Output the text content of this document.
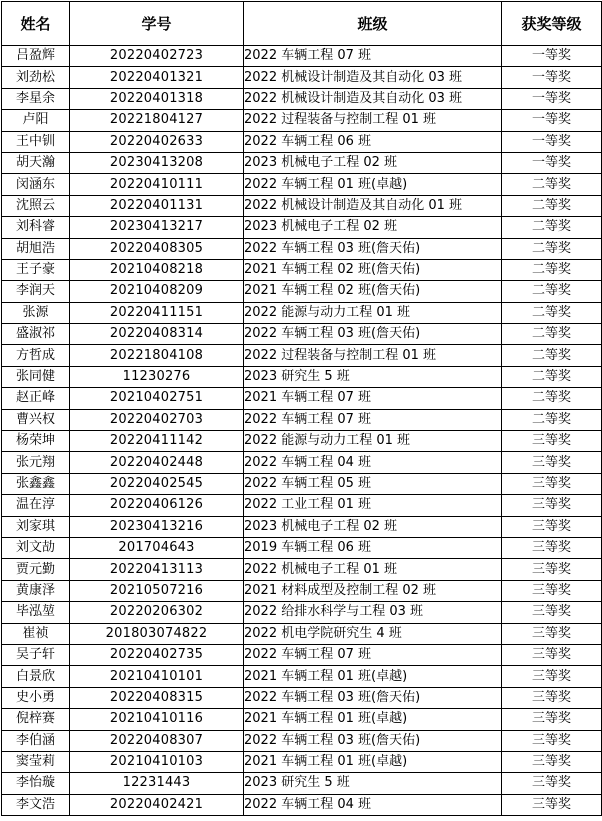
姓名	学号	班级	获奖等级
吕盈辉	20220402723	2022 车辆工程 07 班	一等奖
刘劲松	20220401321	2022 机械设计制造及其自动化 03 班	一等奖
李星余	20220401318	2022 机械设计制造及其自动化 03 班	一等奖
卢阳	20221804127	2022 过程装备与控制工程 01 班	一等奖
王中钏	20220402633	2022 车辆工程 06 班	一等奖
胡天瀚	20230413208	2023 机械电子工程 02 班	一等奖
闵涵东	20220410111	2022 车辆工程 01 班(卓越)	二等奖
沈照云	20220401131	2022 机械设计制造及其自动化 01 班	二等奖
刘科睿	20230413217	2023 机械电子工程 02 班	二等奖
胡旭浩	20220408305	2022 车辆工程 03 班(詹天佑)	二等奖
王子豪	20210408218	2021 车辆工程 02 班(詹天佑)	二等奖
李润天	20210408209	2021 车辆工程 02 班(詹天佑)	二等奖
张源	20220411151	2022 能源与动力工程 01 班	二等奖
盛淑祁	20220408314	2022 车辆工程 03 班(詹天佑)	二等奖
方哲成	20221804108	2022 过程装备与控制工程 01 班	二等奖
张同健	11230276	2023 研究生 5 班	二等奖
赵正峰	20210402751	2021 车辆工程 07 班	二等奖
曹兴权	20220402703	2022 车辆工程 07 班	二等奖
杨荣坤	20220411142	2022 能源与动力工程 01 班	三等奖
张元翔	20220402448	2022 车辆工程 04 班	三等奖
张鑫鑫	20220402545	2022 车辆工程 05 班	三等奖
温在淳	20220406126	2022 工业工程 01 班	三等奖
刘家琪	20230413216	2023 机械电子工程 02 班	三等奖
刘文劼	201704643	2019 车辆工程 06 班	三等奖
贾元勤	20220413113	2022 机械电子工程 01 班	三等奖
黄康泽	20210507216	2021 材料成型及控制工程 02 班	三等奖
毕泓堃	20220206302	2022 给排水科学与工程 03 班	三等奖
崔祯	201803074822	2022 机电学院研究生 4 班	三等奖
吴子轩	20220402735	2022 车辆工程 07 班	三等奖
白景欣	20210410101	2021 车辆工程 01 班(卓越)	三等奖
史小勇	20220408315	2022 车辆工程 03 班(詹天佑)	三等奖
倪梓赛	20210410116	2021 车辆工程 01 班(卓越)	三等奖
李伯涵	20220408307	2022 车辆工程 03 班(詹天佑)	三等奖
窦莹莉	20210410103	2021 车辆工程 01 班(卓越)	三等奖
李怡璇	12231443	2023 研究生 5 班	三等奖
李文浩	20220402421	2022 车辆工程 04 班	三等奖
